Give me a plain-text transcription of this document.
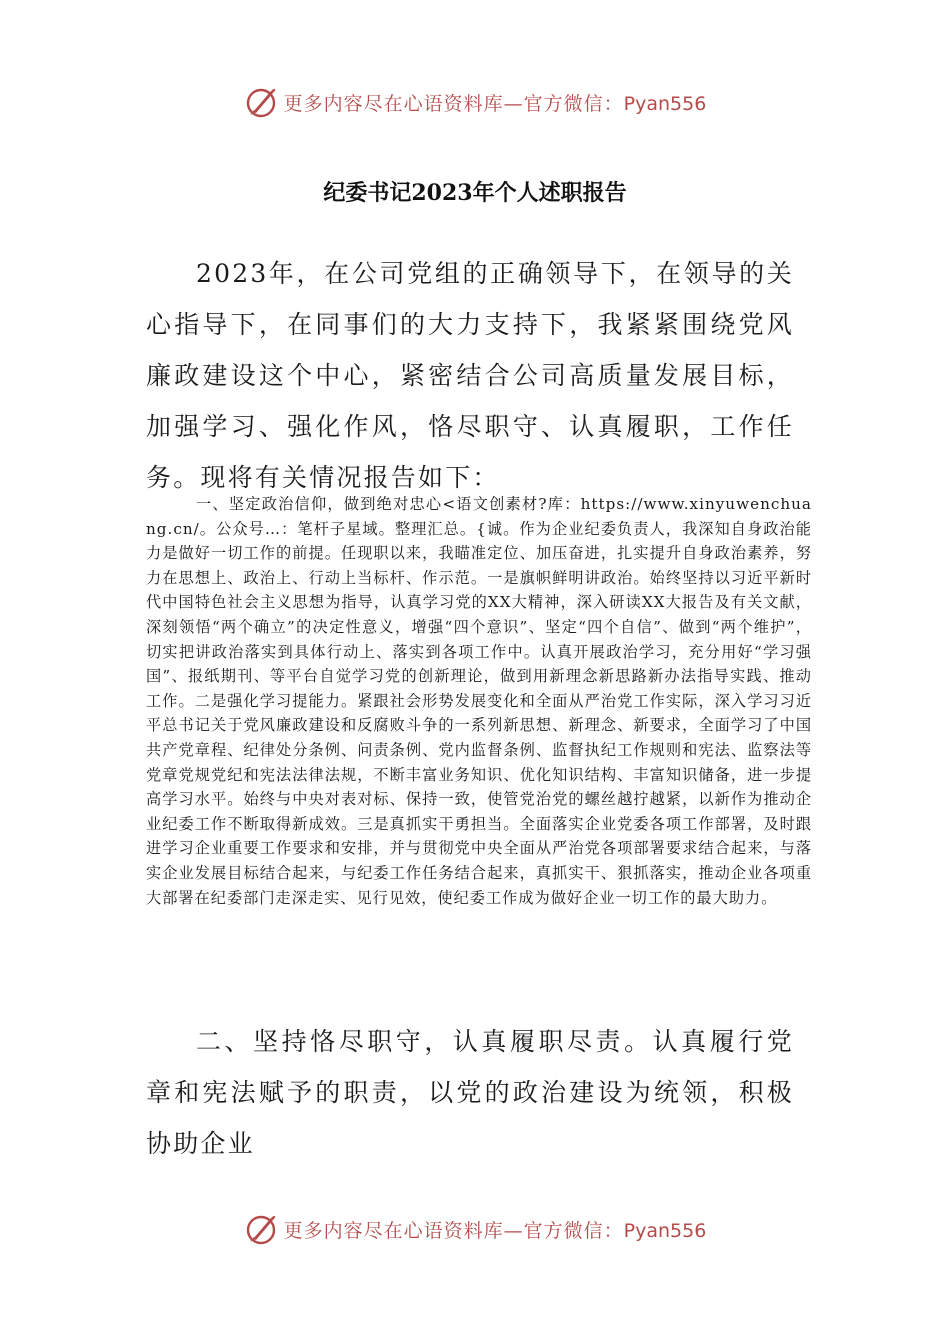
更多内容尽在心语资料库—官方微信：Pyan556
纪委书记2023年个人述职报告

2023年，在公司党组的正确领导下，在领导的关心指导下，在同事们的大力支持下，我紧紧围绕党风廉政建设这个中心，紧密结合公司高质量发展目标，加强学习、强化作风，恪尽职守、认真履职，工作任务。现将有关情况报告如下：

一、坚定政治信仰，做到绝对忠心<语文创素材?库：https://www.xinyuwenchuang.cn/。公众号…：笔杆子星域。整理汇总。{诚。作为企业纪委负责人，我深知自身政治能力是做好一切工作的前提。任现职以来，我瞄准定位、加压奋进，扎实提升自身政治素养，努力在思想上、政治上、行动上当标杆、作示范。一是旗帜鲜明讲政治。始终坚持以习近平新时代中国特色社会主义思想为指导，认真学习党的XX大精神，深入研读XX大报告及有关文献，深刻领悟“两个确立”的决定性意义，增强“四个意识”、坚定“四个自信”、做到“两个维护”，切实把讲政治落实到具体行动上、落实到各项工作中。认真开展政治学习，充分用好“学习强国”、报纸期刊、等平台自觉学习党的创新理论，做到用新理念新思路新办法指导实践、推动工作。二是强化学习提能力。紧跟社会形势发展变化和全面从严治党工作实际，深入学习习近平总书记关于党风廉政建设和反腐败斗争的一系列新思想、新理念、新要求，全面学习了中国共产党章程、纪律处分条例、问责条例、党内监督条例、监督执纪工作规则和宪法、监察法等党章党规党纪和宪法法律法规，不断丰富业务知识、优化知识结构、丰富知识储备，进一步提高学习水平。始终与中央对表对标、保持一致，使管党治党的螺丝越拧越紧，以新作为推动企业纪委工作不断取得新成效。三是真抓实干勇担当。全面落实企业党委各项工作部署，及时跟进学习企业重要工作要求和安排，并与贯彻党中央全面从严治党各项部署要求结合起来，与落实企业发展目标结合起来，与纪委工作任务结合起来，真抓实干、狠抓落实，推动企业各项重大部署在纪委部门走深走实、见行见效，使纪委工作成为做好企业一切工作的最大助力。

二、坚持恪尽职守，认真履职尽责。认真履行党章和宪法赋予的职责，以党的政治建设为统领，积极协助企业

更多内容尽在心语资料库—官方微信：Pyan556
